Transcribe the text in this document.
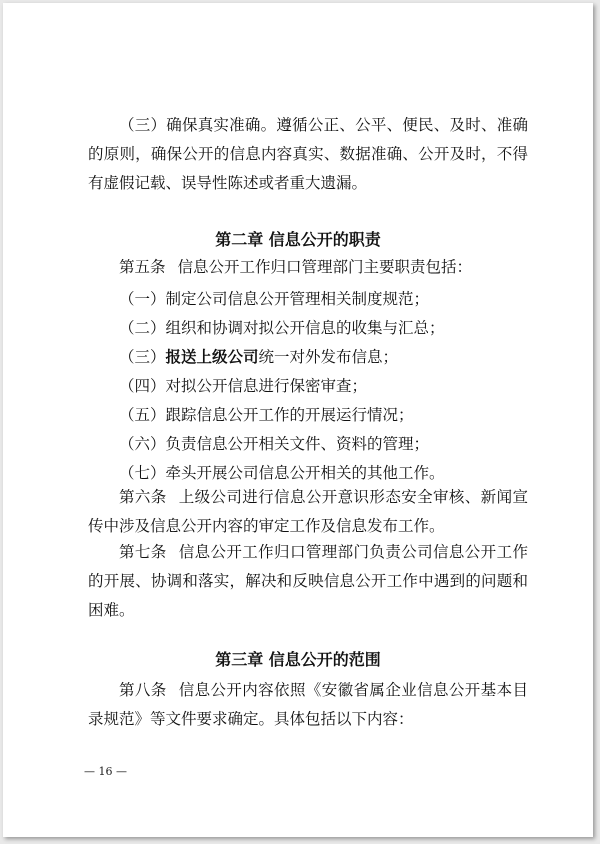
（三）确保真实准确。遵循公正、公平、便民、及时、准确的原则，确保公开的信息内容真实、数据准确、公开及时，不得有虚假记载、误导性陈述或者重大遗漏。

第二章 信息公开的职责

第五条 信息公开工作归口管理部门主要职责包括：

（一）制定公司信息公开管理相关制度规范；

（二）组织和协调对拟公开信息的收集与汇总；

（三）报送上级公司统一对外发布信息；

（四）对拟公开信息进行保密审查；

（五）跟踪信息公开工作的开展运行情况；

（六）负责信息公开相关文件、资料的管理；

（七）牵头开展公司信息公开相关的其他工作。

第六条 上级公司进行信息公开意识形态安全审核、新闻宣传中涉及信息公开内容的审定工作及信息发布工作。

第七条 信息公开工作归口管理部门负责公司信息公开工作的开展、协调和落实，解决和反映信息公开工作中遇到的问题和困难。

第三章 信息公开的范围

第八条 信息公开内容依照《安徽省属企业信息公开基本目录规范》等文件要求确定。具体包括以下内容：

— 16 —
